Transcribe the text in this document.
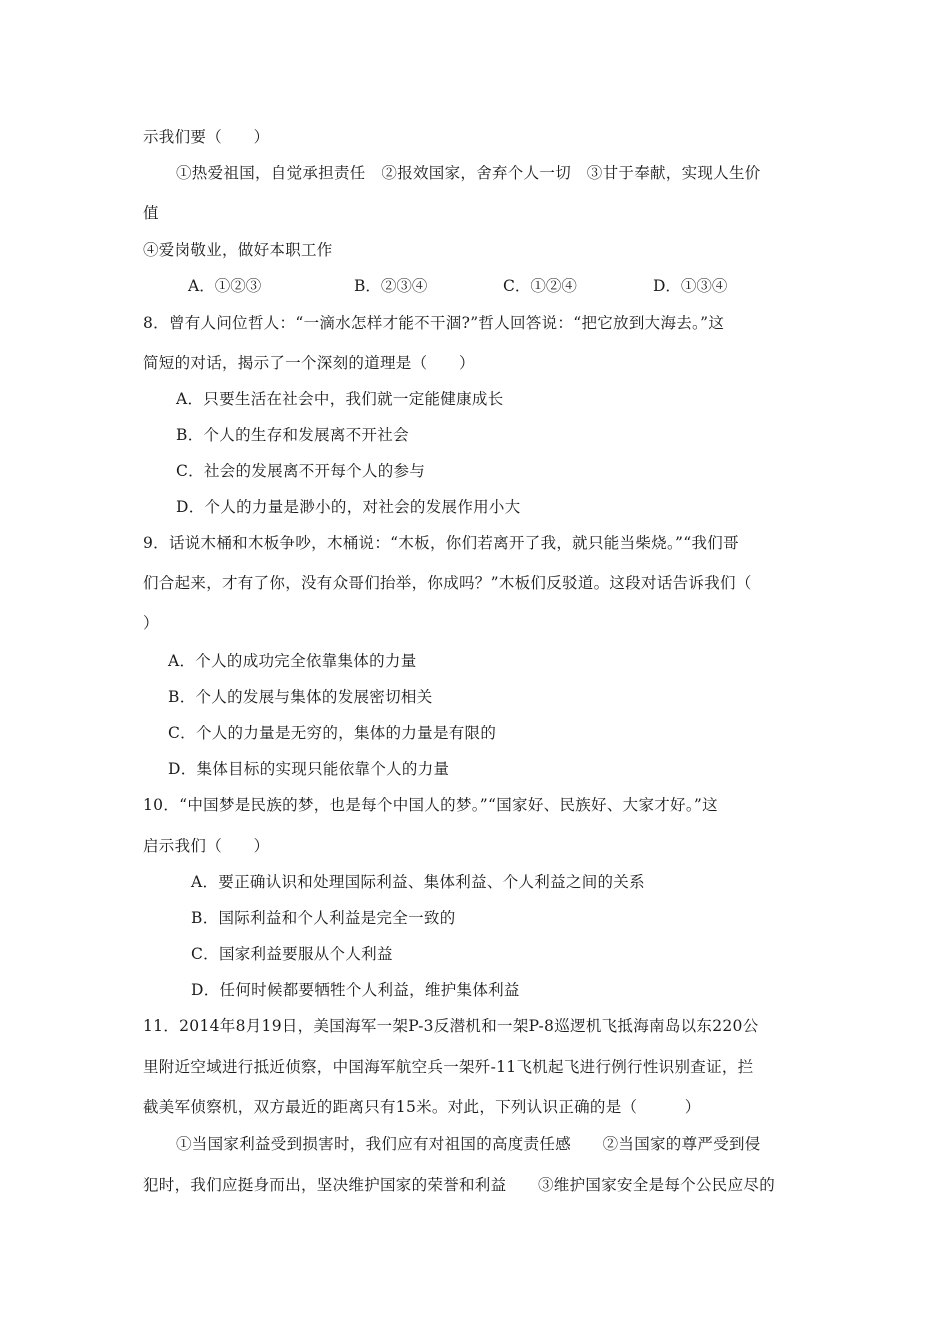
示我们要（　　）
①热爱祖国，自觉承担责任　②报效国家，舍弃个人一切　③甘于奉献，实现人生价
值
④爱岗敬业，做好本职工作
A．①②③	B．②③④	C．①②④	D．①③④
8．曾有人问位哲人：“一滴水怎样才能不干涸?”哲人回答说：“把它放到大海去。”这
简短的对话，揭示了一个深刻的道理是（　　）
A．只要生活在社会中，我们就一定能健康成长
B．个人的生存和发展离不开社会
C．社会的发展离不开每个人的参与
D．个人的力量是渺小的，对社会的发展作用小大
9．话说木桶和木板争吵，木桶说：“木板，你们若离开了我，就只能当柴烧。”“我们哥
们合起来，才有了你，没有众哥们抬举，你成吗？”木板们反驳道。这段对话告诉我们（
）
A．个人的成功完全依靠集体的力量
B．个人的发展与集体的发展密切相关
C．个人的力量是无穷的，集体的力量是有限的
D．集体目标的实现只能依靠个人的力量
10．“中国梦是民族的梦，也是每个中国人的梦。”“国家好、民族好、大家才好。”这
启示我们（　　）
A．要正确认识和处理国际利益、集体利益、个人利益之间的关系
B．国际利益和个人利益是完全一致的
C．国家利益要服从个人利益
D．任何时候都要牺牲个人利益，维护集体利益
11．2014年8月19日，美国海军一架P-3反潜机和一架P-8巡逻机飞抵海南岛以东220公
里附近空域进行抵近侦察，中国海军航空兵一架歼-11飞机起飞进行例行性识别查证，拦
截美军侦察机，双方最近的距离只有15米。对此，下列认识正确的是（　　　）
①当国家利益受到损害时，我们应有对祖国的高度责任感　　②当国家的尊严受到侵
犯时，我们应挺身而出，坚决维护国家的荣誉和利益　　③维护国家安全是每个公民应尽的
